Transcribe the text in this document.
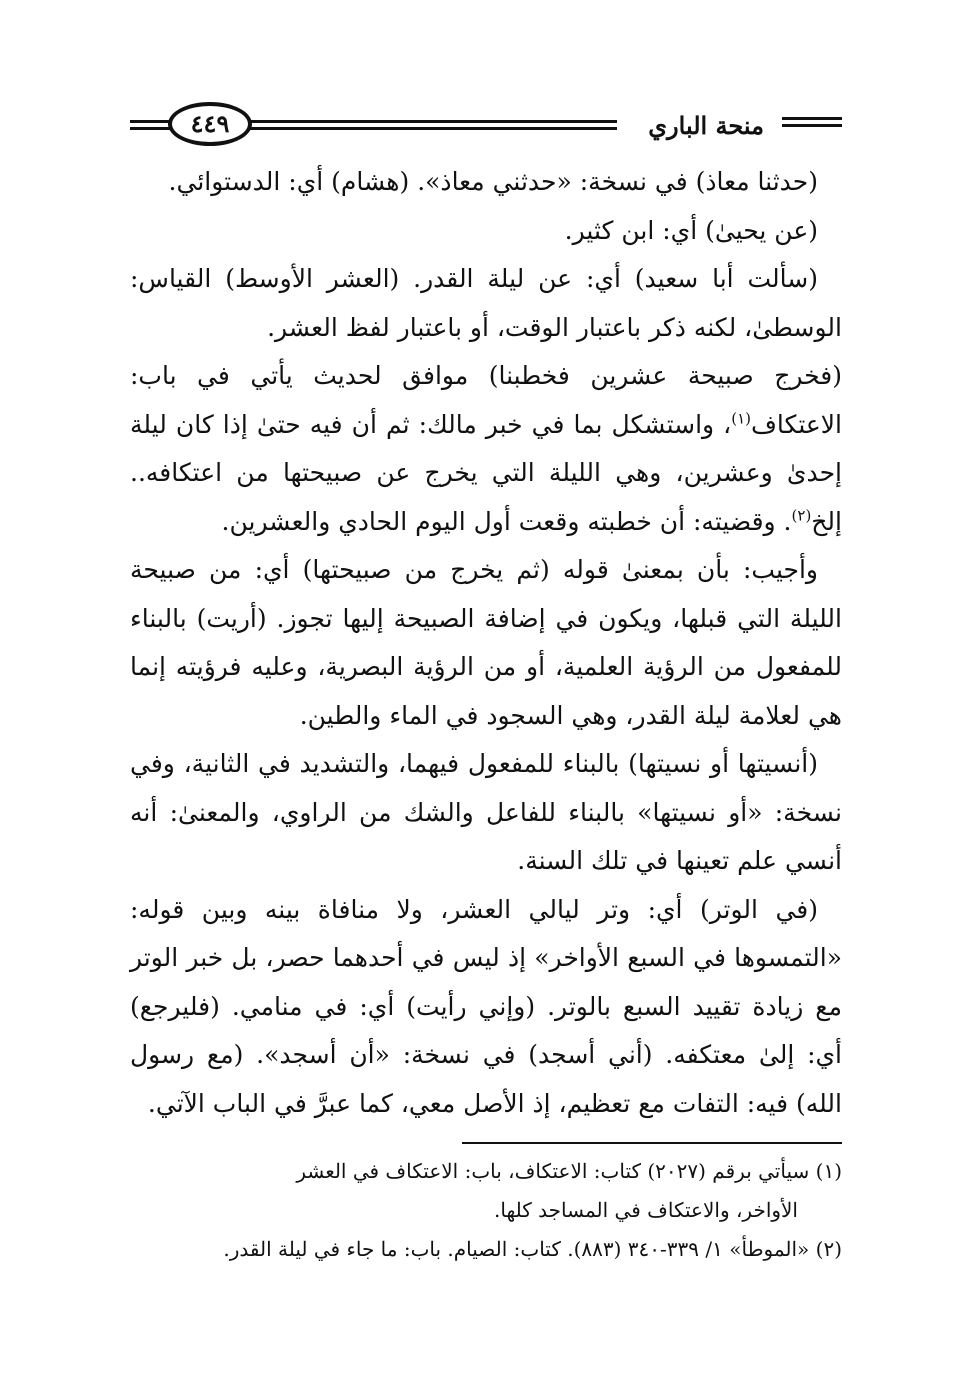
منحة الباري
٤٤٩

(حدثنا معاذ) في نسخة: «حدثني معاذ». (هشام) أي: الدستوائي.

(عن يحيىٰ) أي: ابن كثير.

(سألت أبا سعيد) أي: عن ليلة القدر. (العشر الأوسط) القياس: الوسطىٰ، لكنه ذكر باعتبار الوقت، أو باعتبار لفظ العشر.

(فخرج صبيحة عشرين فخطبنا) موافق لحديث يأتي في باب: الاعتكاف$^{(١)}$، واستشكل بما في خبر مالك: ثم أن فيه حتىٰ إذا كان ليلة إحدىٰ وعشرين، وهي الليلة التي يخرج عن صبيحتها من اعتكافه.. إلخ$^{(٢)}$. وقضيته: أن خطبته وقعت أول اليوم الحادي والعشرين.

وأجيب: بأن بمعنىٰ قوله (ثم يخرج من صبيحتها) أي: من صبيحة الليلة التي قبلها، ويكون في إضافة الصبيحة إليها تجوز. (أريت) بالبناء للمفعول من الرؤية العلمية، أو من الرؤية البصرية، وعليه فرؤيته إنما هي لعلامة ليلة القدر، وهي السجود في الماء والطين.

(أنسيتها أو نسيتها) بالبناء للمفعول فيهما، والتشديد في الثانية، وفي نسخة: «أو نسيتها» بالبناء للفاعل والشك من الراوي، والمعنىٰ: أنه أنسي علم تعينها في تلك السنة.

(في الوتر) أي: وتر ليالي العشر، ولا منافاة بينه وبين قوله: «التمسوها في السبع الأواخر» إذ ليس في أحدهما حصر، بل خبر الوتر مع زيادة تقييد السبع بالوتر. (وإني رأيت) أي: في منامي. (فليرجع) أي: إلىٰ معتكفه. (أني أسجد) في نسخة: «أن أسجد». (مع رسول الله) فيه: التفات مع تعظيم، إذ الأصل معي، كما عبرَّ في الباب الآتي.

(١) سيأتي برقم (٢٠٢٧) كتاب: الاعتكاف، باب: الاعتكاف في العشر

الأواخر، والاعتكاف في المساجد كلها.

(٢) «الموطأ» ١/ ٣٣٩-٣٤٠ (٨٨٣). كتاب: الصيام. باب: ما جاء في ليلة القدر.
